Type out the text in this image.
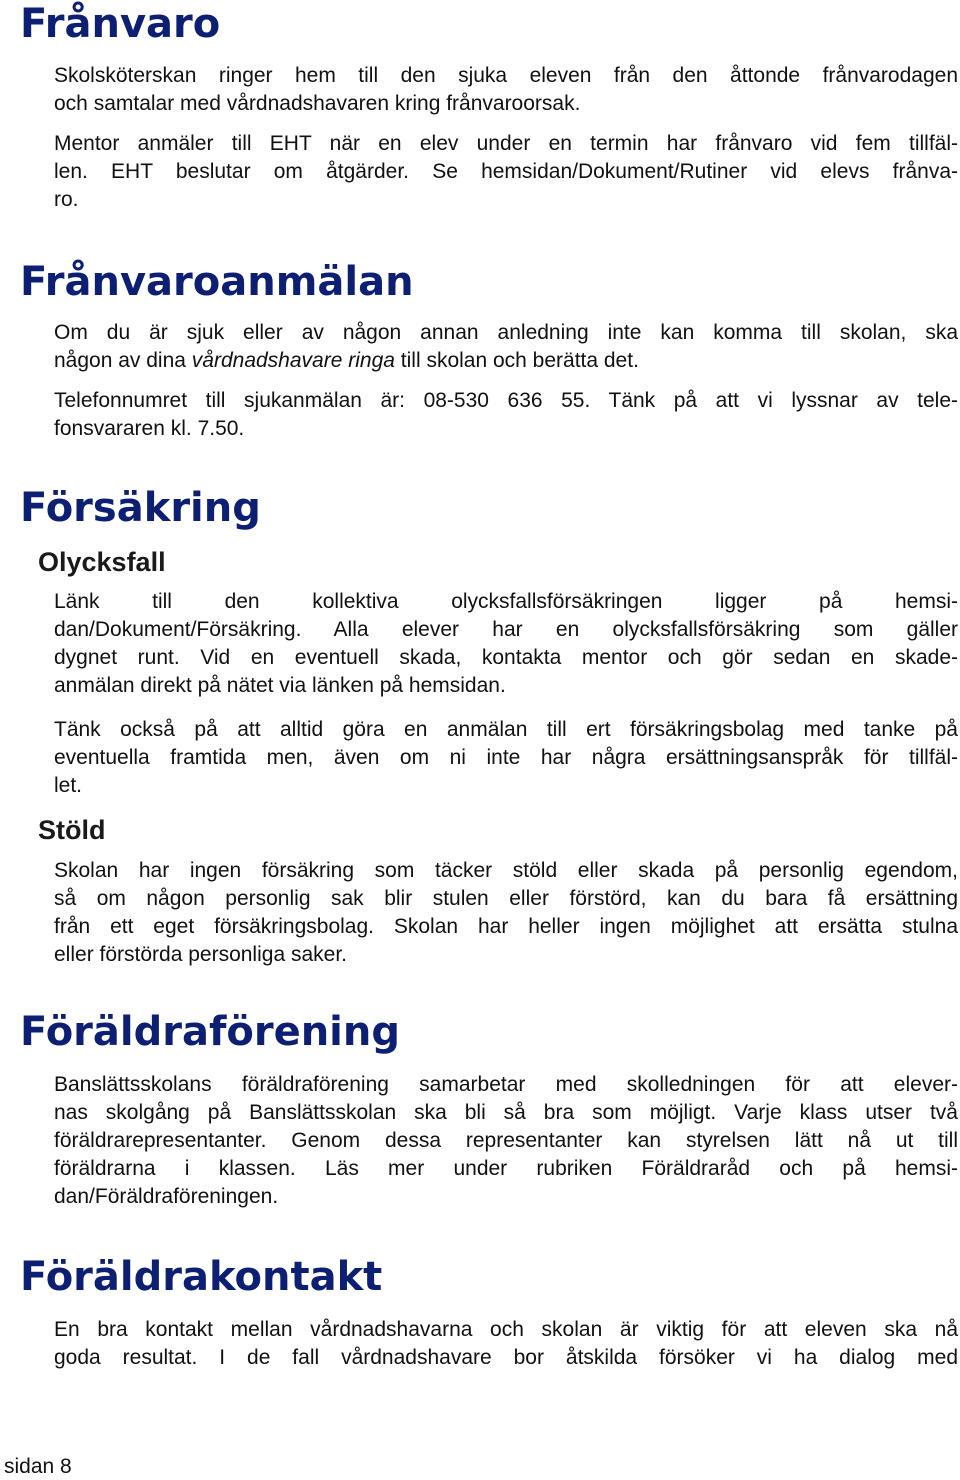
Frånvaro

Skolsköterskan ringer hem till den sjuka eleven från den åttonde frånvarodagen
och samtalar med vårdnadshavaren kring frånvaroorsak.

Mentor anmäler till EHT när en elev under en termin har frånvaro vid fem tillfäl-
len. EHT beslutar om åtgärder. Se hemsidan/Dokument/Rutiner vid elevs frånva-
ro.

Frånvaroanmälan

Om du är sjuk eller av någon annan anledning inte kan komma till skolan, ska
någon av dina vårdnadshavare ringa till skolan och berätta det.

Telefonnumret till sjukanmälan är: 08-530 636 55. Tänk på att vi lyssnar av tele-
fonsvararen kl. 7.50.

Försäkring
Olycksfall

Länk till den kollektiva olycksfallsförsäkringen ligger på hemsi-
dan/Dokument/Försäkring. Alla elever har en olycksfallsförsäkring som gäller
dygnet runt. Vid en eventuell skada, kontakta mentor och gör sedan en skade-
anmälan direkt på nätet via länken på hemsidan.

Tänk också på att alltid göra en anmälan till ert försäkringsbolag med tanke på
eventuella framtida men, även om ni inte har några ersättningsanspråk för tillfäl-
let.

Stöld

Skolan har ingen försäkring som täcker stöld eller skada på personlig egendom,
så om någon personlig sak blir stulen eller förstörd, kan du bara få ersättning
från ett eget försäkringsbolag. Skolan har heller ingen möjlighet att ersätta stulna
eller förstörda personliga saker.

Föräldraförening

Banslättsskolans föräldraförening samarbetar med skolledningen för att elever-
nas skolgång på Banslättsskolan ska bli så bra som möjligt. Varje klass utser två
föräldrarepresentanter. Genom dessa representanter kan styrelsen lätt nå ut till
föräldrarna i klassen. Läs mer under rubriken Föräldraråd och på hemsi-
dan/Föräldraföreningen.

Föräldrakontakt

En bra kontakt mellan vårdnadshavarna och skolan är viktig för att eleven ska nå
goda resultat. I de fall vårdnadshavare bor åtskilda försöker vi ha dialog med

sidan 8
